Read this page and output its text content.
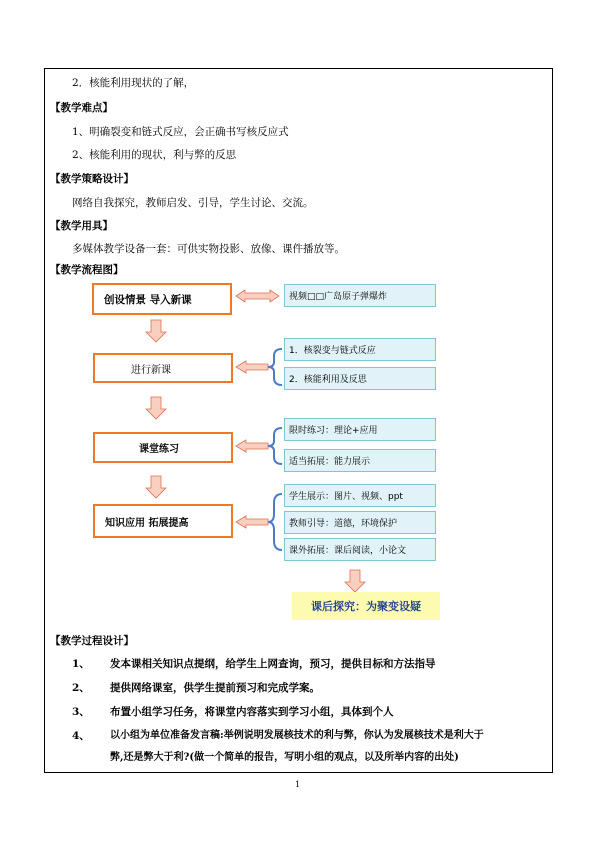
2．核能利用现状的了解，
【教学难点】
1、明确裂变和链式反应，会正确书写核反应式
2、核能利用的现状，利与弊的反思
【教学策略设计】
网络自我探究，教师启发、引导，学生讨论、交流。
【教学用具】
多媒体教学设备一套：可供实物投影、放像、课件播放等。
【教学流程图】
创设情景 导入新课
进行新课
课堂练习
知识应用 拓展提高
视频□□广岛原子弹爆炸
1．核裂变与链式反应
2．核能利用及反思
限时练习：理论+应用
适当拓展：能力展示
学生展示：图片、视频、ppt
教师引导：道德，环境保护
课外拓展：课后阅读，小论文
课后探究：为聚变设疑
【教学过程设计】
1、 发本课相关知识点提纲，给学生上网查询，预习，提供目标和方法指导
2、 提供网络课室，供学生提前预习和完成学案。
3、 布置小组学习任务，将课堂内容落实到学习小组，具体到个人
4、 以小组为单位准备发言稿:举例说明发展核技术的利与弊，你认为发展核技术是利大于
弊,还是弊大于利?(做一个简单的报告，写明小组的观点，以及所举内容的出处)
1
